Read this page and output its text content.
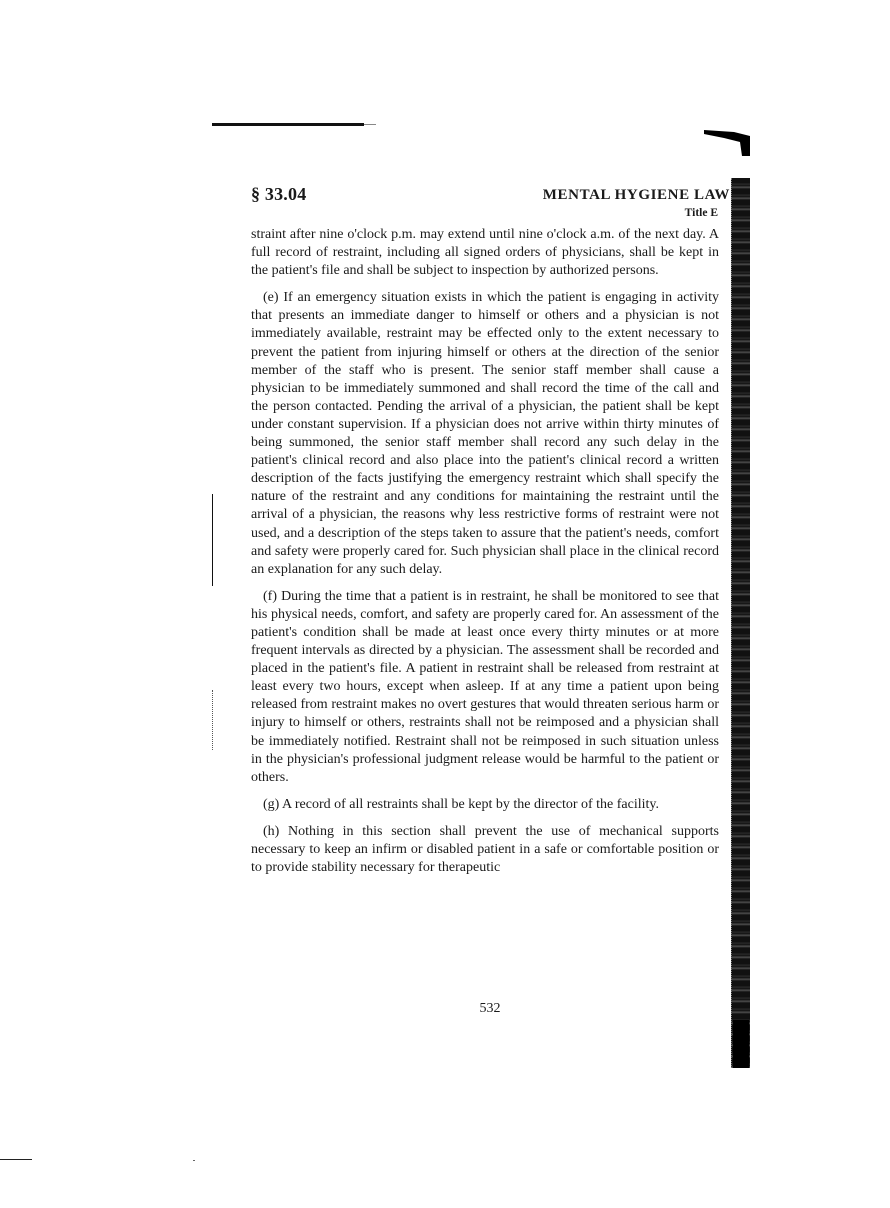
§ 33.04	MENTAL HYGIENE LAW
Title E

straint after nine o'clock p.m. may extend until nine o'clock a.m. of the next day. A full record of restraint, including all signed orders of physicians, shall be kept in the patient's file and shall be subject to inspection by authorized persons.

(e) If an emergency situation exists in which the patient is engaging in activity that presents an immediate danger to himself or others and a physician is not immediately available, restraint may be effected only to the extent necessary to prevent the patient from injuring himself or others at the direction of the senior member of the staff who is present. The senior staff member shall cause a physician to be immediately summoned and shall record the time of the call and the person contacted. Pending the arrival of a physician, the patient shall be kept under constant supervision. If a physician does not arrive within thirty minutes of being summoned, the senior staff member shall record any such delay in the patient's clinical record and also place into the patient's clinical record a written description of the facts justifying the emergency restraint which shall specify the nature of the restraint and any conditions for maintaining the restraint until the arrival of a physician, the reasons why less restrictive forms of restraint were not used, and a description of the steps taken to assure that the patient's needs, comfort and safety were properly cared for. Such physician shall place in the clinical record an explanation for any such delay.

(f) During the time that a patient is in restraint, he shall be monitored to see that his physical needs, comfort, and safety are properly cared for. An assessment of the patient's condition shall be made at least once every thirty minutes or at more frequent intervals as directed by a physician. The assessment shall be recorded and placed in the patient's file. A patient in restraint shall be released from restraint at least every two hours, except when asleep. If at any time a patient upon being released from restraint makes no overt gestures that would threaten serious harm or injury to himself or others, restraints shall not be reimposed and a physician shall be immediately notified. Restraint shall not be reimposed in such situation unless in the physician's professional judgment release would be harmful to the patient or others.

(g) A record of all restraints shall be kept by the director of the facility.

(h) Nothing in this section shall prevent the use of mechanical supports necessary to keep an infirm or disabled patient in a safe or comfortable position or to provide stability necessary for therapeutic

532
